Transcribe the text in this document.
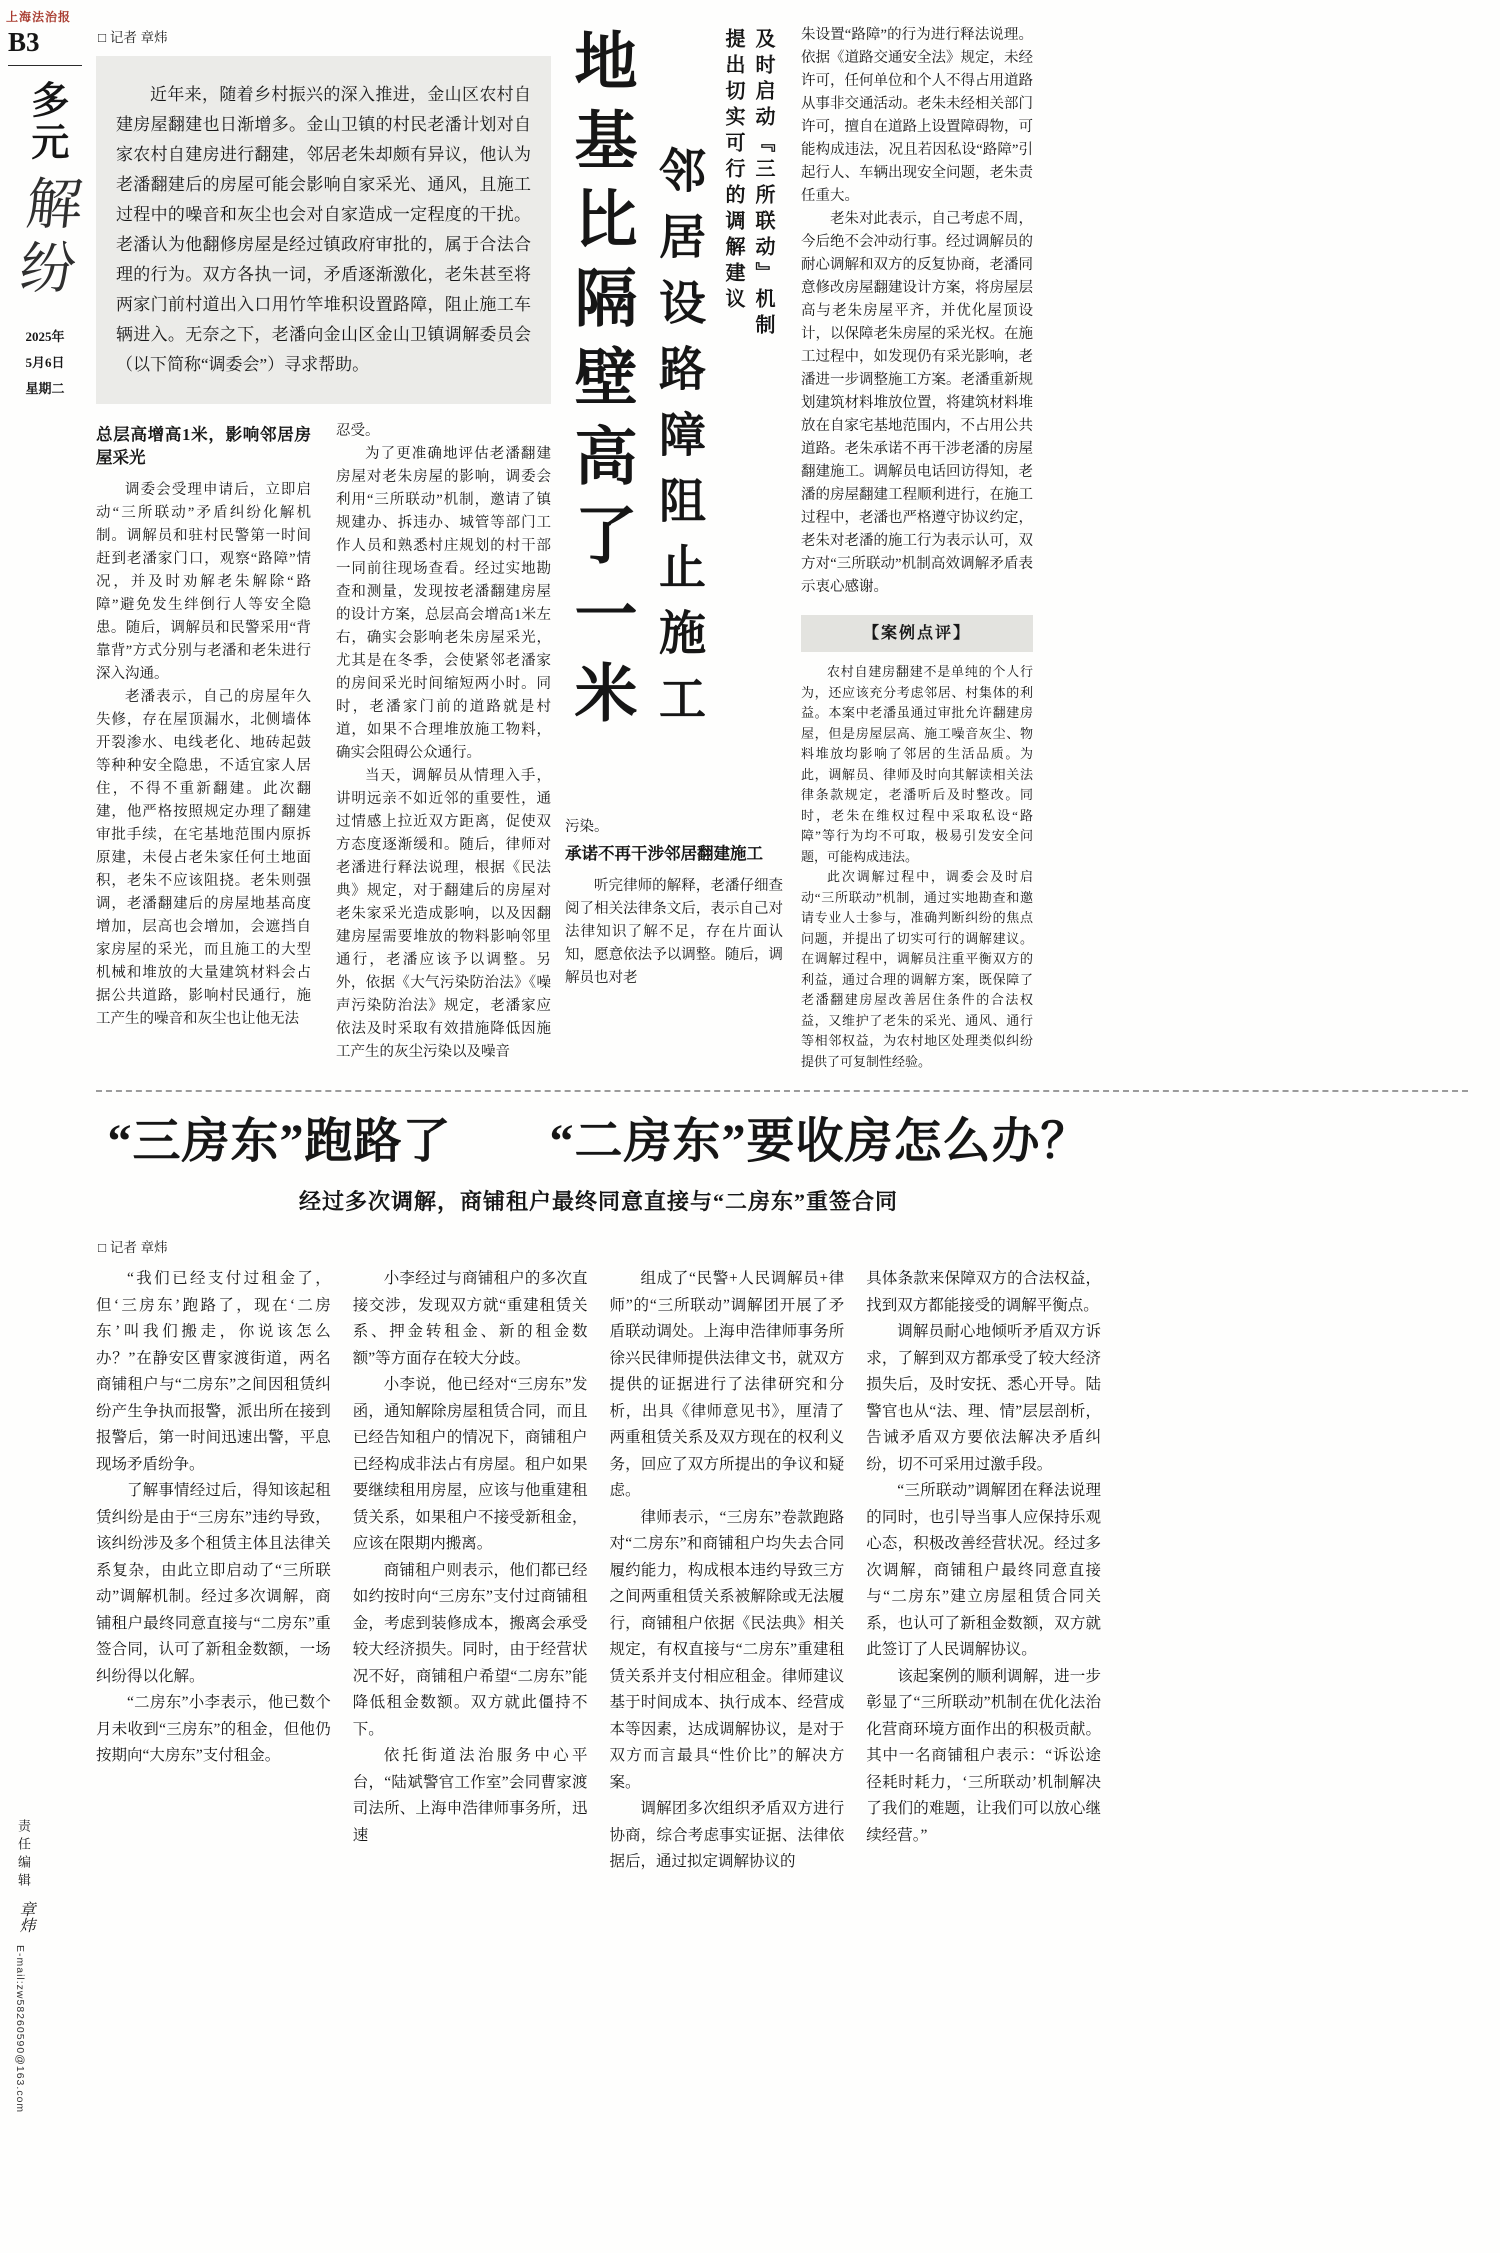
上海法治报
B3
多元
解纷
2025年
5月6日
星期二
责任编辑
章炜
E-mail:zw58260590@163.com
□ 记者 章炜

近年来，随着乡村振兴的深入推进，金山区农村自建房屋翻建也日渐增多。金山卫镇的村民老潘计划对自家农村自建房进行翻建，邻居老朱却颇有异议，他认为老潘翻建后的房屋可能会影响自家采光、通风，且施工过程中的噪音和灰尘也会对自家造成一定程度的干扰。老潘认为他翻修房屋是经过镇政府审批的，属于合法合理的行为。双方各执一词，矛盾逐渐激化，老朱甚至将两家门前村道出入口用竹竿堆积设置路障，阻止施工车辆进入。无奈之下，老潘向金山区金山卫镇调解委员会（以下简称“调委会”）寻求帮助。

总层高增高1米，影响邻居房屋采光

调委会受理申请后，立即启动“三所联动”矛盾纠纷化解机制。调解员和驻村民警第一时间赶到老潘家门口，观察“路障”情况，并及时劝解老朱解除“路障”避免发生绊倒行人等安全隐患。随后，调解员和民警采用“背靠背”方式分别与老潘和老朱进行深入沟通。

老潘表示，自己的房屋年久失修，存在屋顶漏水，北侧墙体开裂渗水、电线老化、地砖起鼓等种种安全隐患，不适宜家人居住，不得不重新翻建。此次翻建，他严格按照规定办理了翻建审批手续，在宅基地范围内原拆原建，未侵占老朱家任何土地面积，老朱不应该阻挠。老朱则强调，老潘翻建后的房屋地基高度增加，层高也会增加，会遮挡自家房屋的采光，而且施工的大型机械和堆放的大量建筑材料会占据公共道路，影响村民通行，施工产生的噪音和灰尘也让他无法

忍受。

为了更准确地评估老潘翻建房屋对老朱房屋的影响，调委会利用“三所联动”机制，邀请了镇规建办、拆违办、城管等部门工作人员和熟悉村庄规划的村干部一同前往现场查看。经过实地勘查和测量，发现按老潘翻建房屋的设计方案，总层高会增高1米左右，确实会影响老朱房屋采光，尤其是在冬季，会使紧邻老潘家的房间采光时间缩短两小时。同时，老潘家门前的道路就是村道，如果不合理堆放施工物料，确实会阻碍公众通行。

当天，调解员从情理入手，讲明远亲不如近邻的重要性，通过情感上拉近双方距离，促使双方态度逐渐缓和。随后，律师对老潘进行释法说理，根据《民法典》规定，对于翻建后的房屋对老朱家采光造成影响，以及因翻建房屋需要堆放的物料影响邻里通行，老潘应该予以调整。另外，依据《大气污染防治法》《噪声污染防治法》规定，老潘家应依法及时采取有效措施降低因施工产生的灰尘污染以及噪音

及时启动『三所联动』机制
提出切实可行的调解建议
邻居设路障阻止施工
地基比隔壁高了一米

污染。

承诺不再干涉邻居翻建施工

听完律师的解释，老潘仔细查阅了相关法律条文后，表示自己对法律知识了解不足，存在片面认知，愿意依法予以调整。随后，调解员也对老

朱设置“路障”的行为进行释法说理。依据《道路交通安全法》规定，未经许可，任何单位和个人不得占用道路从事非交通活动。老朱未经相关部门许可，擅自在道路上设置障碍物，可能构成违法，况且若因私设“路障”引起行人、车辆出现安全问题，老朱责任重大。

老朱对此表示，自己考虑不周，今后绝不会冲动行事。经过调解员的耐心调解和双方的反复协商，老潘同意修改房屋翻建设计方案，将房屋层高与老朱房屋平齐，并优化屋顶设计，以保障老朱房屋的采光权。在施工过程中，如发现仍有采光影响，老潘进一步调整施工方案。老潘重新规划建筑材料堆放位置，将建筑材料堆放在自家宅基地范围内，不占用公共道路。老朱承诺不再干涉老潘的房屋翻建施工。调解员电话回访得知，老潘的房屋翻建工程顺利进行，在施工过程中，老潘也严格遵守协议约定，老朱对老潘的施工行为表示认可，双方对“三所联动”机制高效调解矛盾表示衷心感谢。

【案例点评】

农村自建房翻建不是单纯的个人行为，还应该充分考虑邻居、村集体的利益。本案中老潘虽通过审批允许翻建房屋，但是房屋层高、施工噪音灰尘、物料堆放均影响了邻居的生活品质。为此，调解员、律师及时向其解读相关法律条款规定，老潘听后及时整改。同时，老朱在维权过程中采取私设“路障”等行为均不可取，极易引发安全问题，可能构成违法。

此次调解过程中，调委会及时启动“三所联动”机制，通过实地勘查和邀请专业人士参与，准确判断纠纷的焦点问题，并提出了切实可行的调解建议。在调解过程中，调解员注重平衡双方的利益，通过合理的调解方案，既保障了老潘翻建房屋改善居住条件的合法权益，又维护了老朱的采光、通风、通行等相邻权益，为农村地区处理类似纠纷提供了可复制性经验。

“三房东”跑路了　　“二房东”要收房怎么办？
经过多次调解，商铺租户最终同意直接与“二房东”重签合同
□ 记者 章炜

“我们已经支付过租金了，但‘三房东’跑路了，现在‘二房东’叫我们搬走，你说该怎么办？”在静安区曹家渡街道，两名商铺租户与“二房东”之间因租赁纠纷产生争执而报警，派出所在接到报警后，第一时间迅速出警，平息现场矛盾纷争。

了解事情经过后，得知该起租赁纠纷是由于“三房东”违约导致，该纠纷涉及多个租赁主体且法律关系复杂，由此立即启动了“三所联动”调解机制。经过多次调解，商铺租户最终同意直接与“二房东”重签合同，认可了新租金数额，一场纠纷得以化解。

“二房东”小李表示，他已数个月未收到“三房东”的租金，但他仍按期向“大房东”支付租金。

小李经过与商铺租户的多次直接交涉，发现双方就“重建租赁关系、押金转租金、新的租金数额”等方面存在较大分歧。

小李说，他已经对“三房东”发函，通知解除房屋租赁合同，而且已经告知租户的情况下，商铺租户已经构成非法占有房屋。租户如果要继续租用房屋，应该与他重建租赁关系，如果租户不接受新租金，应该在限期内搬离。

商铺租户则表示，他们都已经如约按时向“三房东”支付过商铺租金，考虑到装修成本，搬离会承受较大经济损失。同时，由于经营状况不好，商铺租户希望“二房东”能降低租金数额。双方就此僵持不下。

依托街道法治服务中心平台，“陆斌警官工作室”会同曹家渡司法所、上海申浩律师事务所，迅速

组成了“民警+人民调解员+律师”的“三所联动”调解团开展了矛盾联动调处。上海申浩律师事务所徐兴民律师提供法律文书，就双方提供的证据进行了法律研究和分析，出具《律师意见书》，厘清了两重租赁关系及双方现在的权利义务，回应了双方所提出的争议和疑虑。

律师表示，“三房东”卷款跑路对“二房东”和商铺租户均失去合同履约能力，构成根本违约导致三方之间两重租赁关系被解除或无法履行，商铺租户依据《民法典》相关规定，有权直接与“二房东”重建租赁关系并支付相应租金。律师建议基于时间成本、执行成本、经营成本等因素，达成调解协议，是对于双方而言最具“性价比”的解决方案。

调解团多次组织矛盾双方进行协商，综合考虑事实证据、法律依据后，通过拟定调解协议的

具体条款来保障双方的合法权益，找到双方都能接受的调解平衡点。

调解员耐心地倾听矛盾双方诉求，了解到双方都承受了较大经济损失后，及时安抚、悉心开导。陆警官也从“法、理、情”层层剖析，告诫矛盾双方要依法解决矛盾纠纷，切不可采用过激手段。

“三所联动”调解团在释法说理的同时，也引导当事人应保持乐观心态，积极改善经营状况。经过多次调解，商铺租户最终同意直接与“二房东”建立房屋租赁合同关系，也认可了新租金数额，双方就此签订了人民调解协议。

该起案例的顺利调解，进一步彰显了“三所联动”机制在优化法治化营商环境方面作出的积极贡献。其中一名商铺租户表示：“诉讼途径耗时耗力，‘三所联动’机制解决了我们的难题，让我们可以放心继续经营。”
